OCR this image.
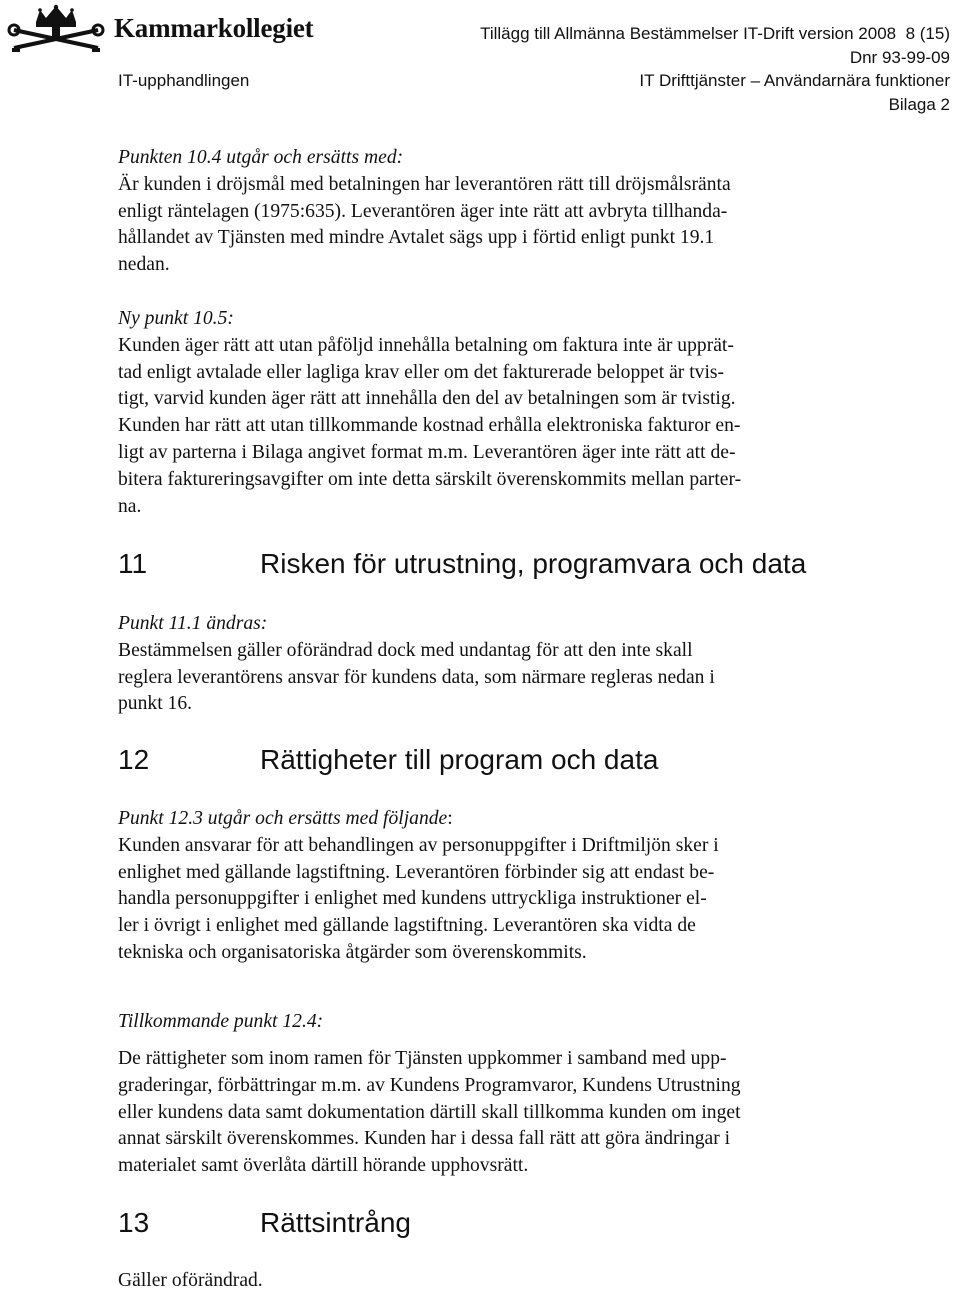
Kammarkollegiet	Tillägg till Allmänna Bestämmelser IT-Drift version 2008 8 (15)
Dnr 93-99-09
IT-upphandlingen	IT Drifttjänster – Användarnära funktioner
Bilaga 2
Punkten 10.4 utgår och ersätts med:
Är kunden i dröjsmål med betalningen har leverantören rätt till dröjsmålsränta
enligt räntelagen (1975:635). Leverantören äger inte rätt att avbryta tillhanda-
hållandet av Tjänsten med mindre Avtalet sägs upp i förtid enligt punkt 19.1
nedan.
Ny punkt 10.5:
Kunden äger rätt att utan påföljd innehålla betalning om faktura inte är upprät-
tad enligt avtalade eller lagliga krav eller om det fakturerade beloppet är tvis-
tigt, varvid kunden äger rätt att innehålla den del av betalningen som är tvistig.
Kunden har rätt att utan tillkommande kostnad erhålla elektroniska fakturor en-
ligt av parterna i Bilaga angivet format m.m. Leverantören äger inte rätt att de-
bitera faktureringsavgifter om inte detta särskilt överenskommits mellan parter-
na.
11	Risken för utrustning, programvara och data
Punkt 11.1 ändras:
Bestämmelsen gäller oförändrad dock med undantag för att den inte skall
reglera leverantörens ansvar för kundens data, som närmare regleras nedan i
punkt 16.
12	Rättigheter till program och data
Punkt 12.3 utgår och ersätts med följande:
Kunden ansvarar för att behandlingen av personuppgifter i Driftmiljön sker i
enlighet med gällande lagstiftning. Leverantören förbinder sig att endast be-
handla personuppgifter i enlighet med kundens uttryckliga instruktioner el-
ler i övrigt i enlighet med gällande lagstiftning. Leverantören ska vidta de
tekniska och organisatoriska åtgärder som överenskommits.
Tillkommande punkt 12.4:
De rättigheter som inom ramen för Tjänsten uppkommer i samband med upp-
graderingar, förbättringar m.m. av Kundens Programvaror, Kundens Utrustning
eller kundens data samt dokumentation därtill skall tillkomma kunden om inget
annat särskilt överenskommes. Kunden har i dessa fall rätt att göra ändringar i
materialet samt överlåta därtill hörande upphovsrätt.
13	Rättsintrång
Gäller oförändrad.
